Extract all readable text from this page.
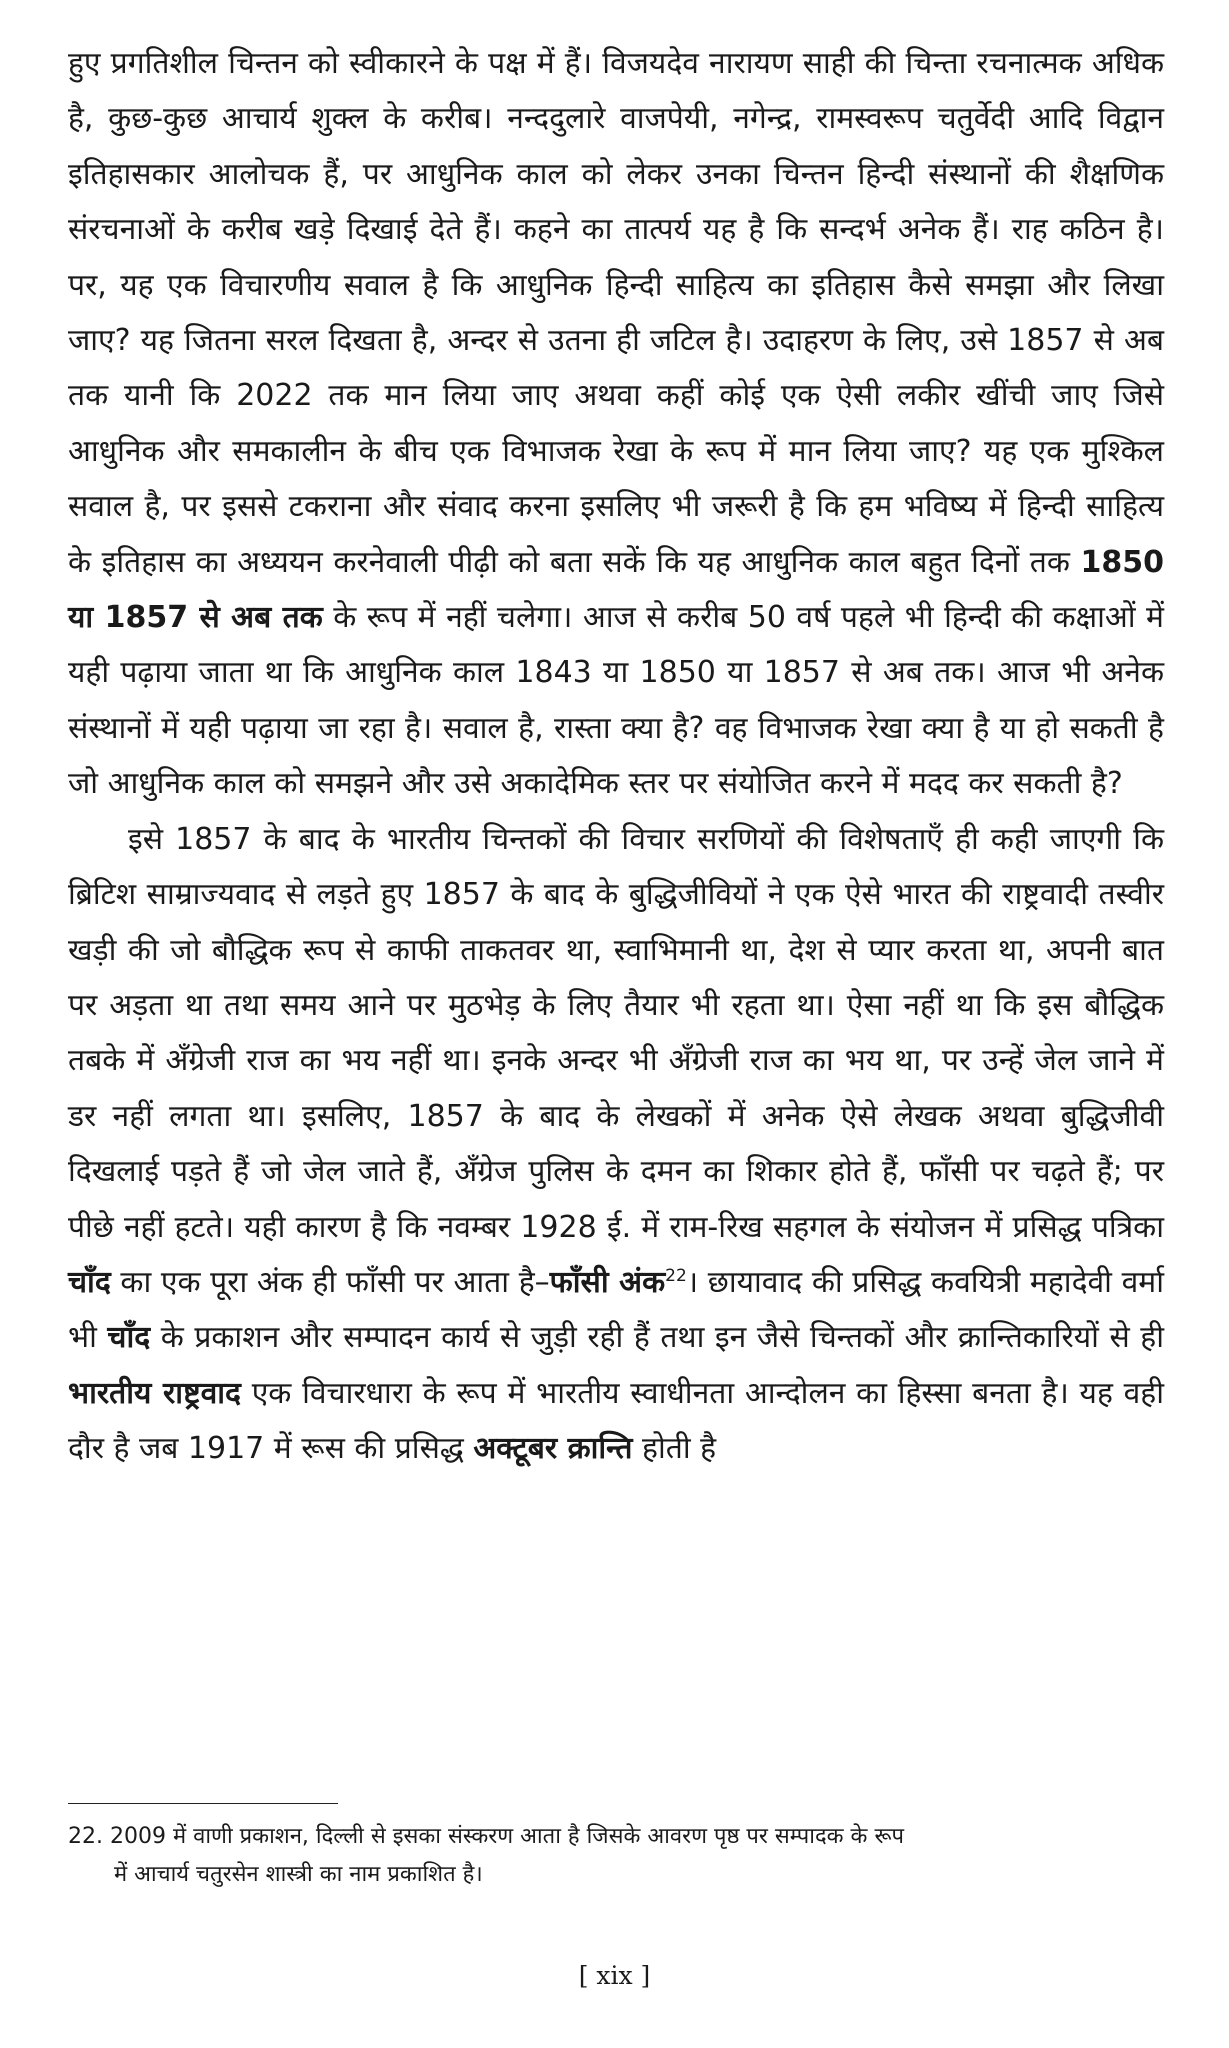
हुए प्रगतिशील चिन्तन को स्वीकारने के पक्ष में हैं। विजयदेव नारायण साही की चिन्ता रचनात्मक अधिक है, कुछ-कुछ आचार्य शुक्ल के करीब। नन्ददुलारे वाजपेयी, नगेन्द्र, रामस्वरूप चतुर्वेदी आदि विद्वान इतिहासकार आलोचक हैं, पर आधुनिक काल को लेकर उनका चिन्तन हिन्दी संस्थानों की शैक्षणिक संरचनाओं के करीब खड़े दिखाई देते हैं। कहने का तात्पर्य यह है कि सन्दर्भ अनेक हैं। राह कठिन है। पर, यह एक विचारणीय सवाल है कि आधुनिक हिन्दी साहित्य का इतिहास कैसे समझा और लिखा जाए? यह जितना सरल दिखता है, अन्दर से उतना ही जटिल है। उदाहरण के लिए, उसे 1857 से अब तक यानी कि 2022 तक मान लिया जाए अथवा कहीं कोई एक ऐसी लकीर खींची जाए जिसे आधुनिक और समकालीन के बीच एक विभाजक रेखा के रूप में मान लिया जाए? यह एक मुश्किल सवाल है, पर इससे टकराना और संवाद करना इसलिए भी जरूरी है कि हम भविष्य में हिन्दी साहित्य के इतिहास का अध्ययन करनेवाली पीढ़ी को बता सकें कि यह आधुनिक काल बहुत दिनों तक 1850 या 1857 से अब तक के रूप में नहीं चलेगा। आज से करीब 50 वर्ष पहले भी हिन्दी की कक्षाओं में यही पढ़ाया जाता था कि आधुनिक काल 1843 या 1850 या 1857 से अब तक। आज भी अनेक संस्थानों में यही पढ़ाया जा रहा है। सवाल है, रास्ता क्या है? वह विभाजक रेखा क्या है या हो सकती है जो आधुनिक काल को समझने और उसे अकादेमिक स्तर पर संयोजित करने में मदद कर सकती है?

इसे 1857 के बाद के भारतीय चिन्तकों की विचार सरणियों की विशेषताएँ ही कही जाएगी कि ब्रिटिश साम्राज्यवाद से लड़ते हुए 1857 के बाद के बुद्धिजीवियों ने एक ऐसे भारत की राष्ट्रवादी तस्वीर खड़ी की जो बौद्धिक रूप से काफी ताकतवर था, स्वाभिमानी था, देश से प्यार करता था, अपनी बात पर अड़ता था तथा समय आने पर मुठभेड़ के लिए तैयार भी रहता था। ऐसा नहीं था कि इस बौद्धिक तबके में अँग्रेजी राज का भय नहीं था। इनके अन्दर भी अँग्रेजी राज का भय था, पर उन्हें जेल जाने में डर नहीं लगता था। इसलिए, 1857 के बाद के लेखकों में अनेक ऐसे लेखक अथवा बुद्धिजीवी दिखलाई पड़ते हैं जो जेल जाते हैं, अँग्रेज पुलिस के दमन का शिकार होते हैं, फाँसी पर चढ़ते हैं; पर पीछे नहीं हटते। यही कारण है कि नवम्बर 1928 ई. में राम-रिख सहगल के संयोजन में प्रसिद्ध पत्रिका चाँद का एक पूरा अंक ही फाँसी पर आता है–फाँसी अंक$^{22}$। छायावाद की प्रसिद्ध कवयित्री महादेवी वर्मा भी चाँद के प्रकाशन और सम्पादन कार्य से जुड़ी रही हैं तथा इन जैसे चिन्तकों और क्रान्तिकारियों से ही भारतीय राष्ट्रवाद एक विचारधारा के रूप में भारतीय स्वाधीनता आन्दोलन का हिस्सा बनता है। यह वही दौर है जब 1917 में रूस की प्रसिद्ध अक्टूबर क्रान्ति होती है

22. 2009 में वाणी प्रकाशन, दिल्ली से इसका संस्करण आता है जिसके आवरण पृष्ठ पर सम्पादक के रूप
में आचार्य चतुरसेन शास्त्री का नाम प्रकाशित है।
[ xix ]
